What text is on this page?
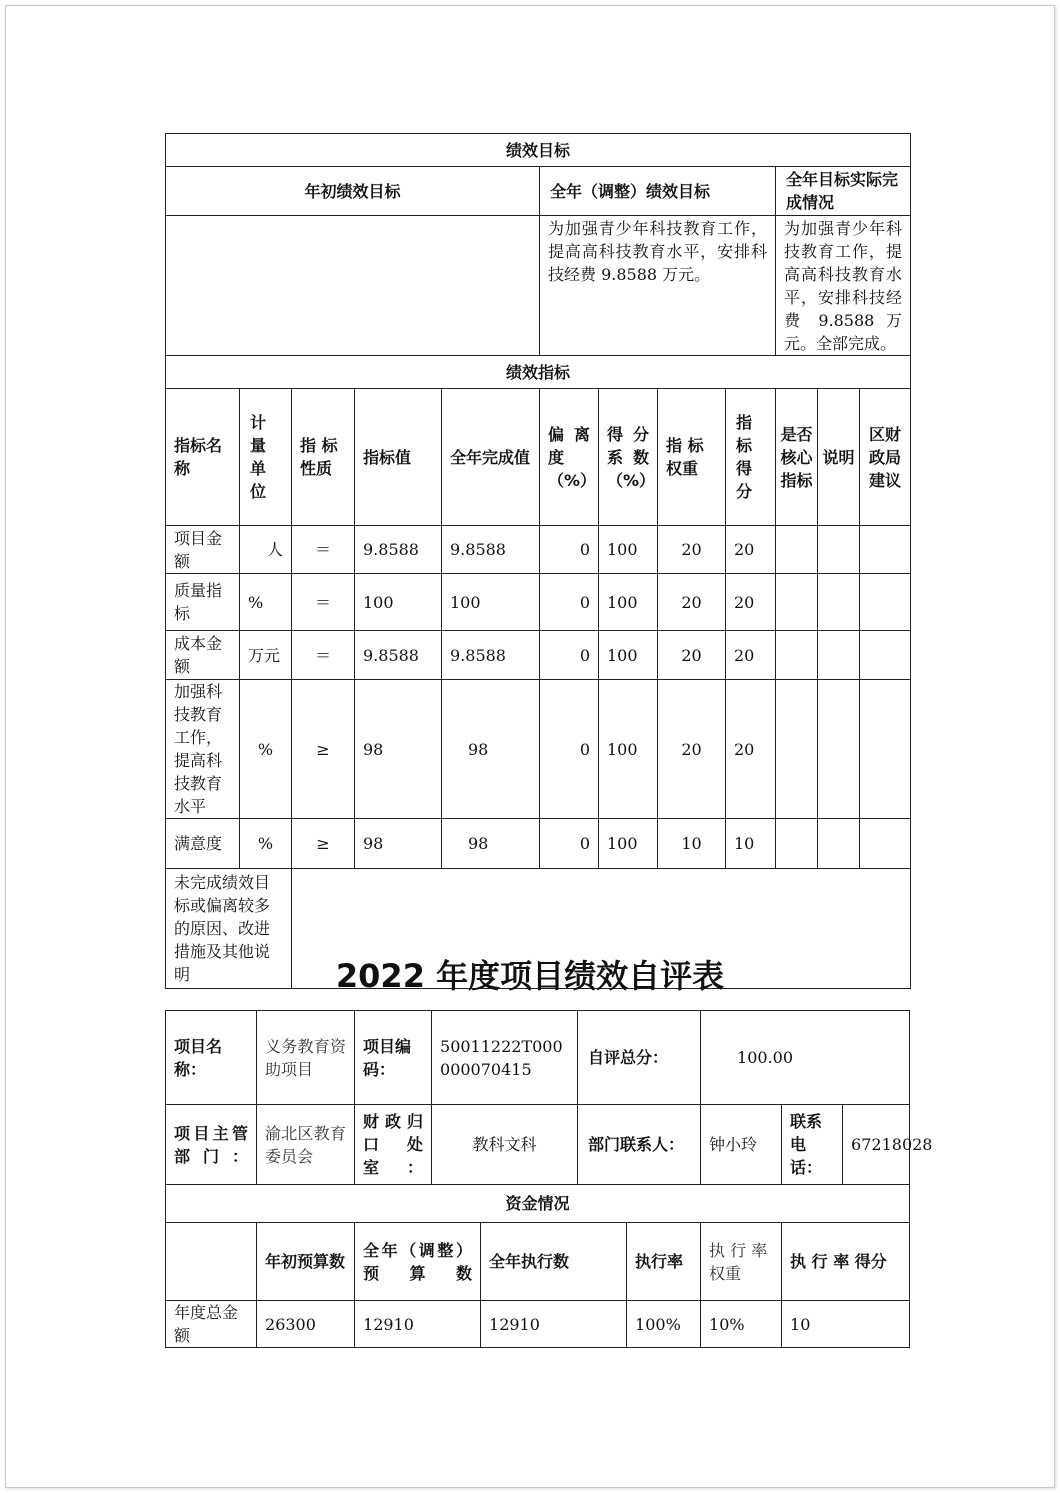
绩效目标											
年初绩效目标					全年（调整）绩效目标				全年目标实际完成情况		
					为加强青少年科技教育工作，提高高科技教育水平，安排科技经费 9.8588 万元。				为加强青少年科技教育工作，提高高科技教育水平，安排科技经费 9.8588 万元。全部完成。		
绩效指标											
指标名称	计量单位	指 标性质	指标值	全年完成值	偏离度（%）	得分系数（%）	指 标权重	指标得分	是否核心指标	说明	区财政局建议
项目金额	人	＝	9.8588	9.8588	0	100	20	20			
质量指标	%	＝	100	100	0	100	20	20			
成本金额	万元	＝	9.8588	9.8588	0	100	20	20			
加强科技教育工作，提高科技教育水平	%	≥	98	98	0	100	20	20			
满意度	%	≥	98	98	0	100	10	10			
未完成绩效目标或偏离较多的原因、改进措施及其他说明												2022 年度项目绩效自评表
项目名称：	义务教育资助项目	项目编码：	50011222T000000070415		自评总分：		100.00		
项目主管部门：	渝北区教育委员会	财政归口处室：	教科文科		部门联系人：		钟小玲	联系电话：	67218028
资金情况									
	年初预算数	全年（调整）预算数		全年执行数		执行率	执 行 率 权重	执 行 率 得分	
年度总金额	26300	12910		12910		100%	10%	10	
